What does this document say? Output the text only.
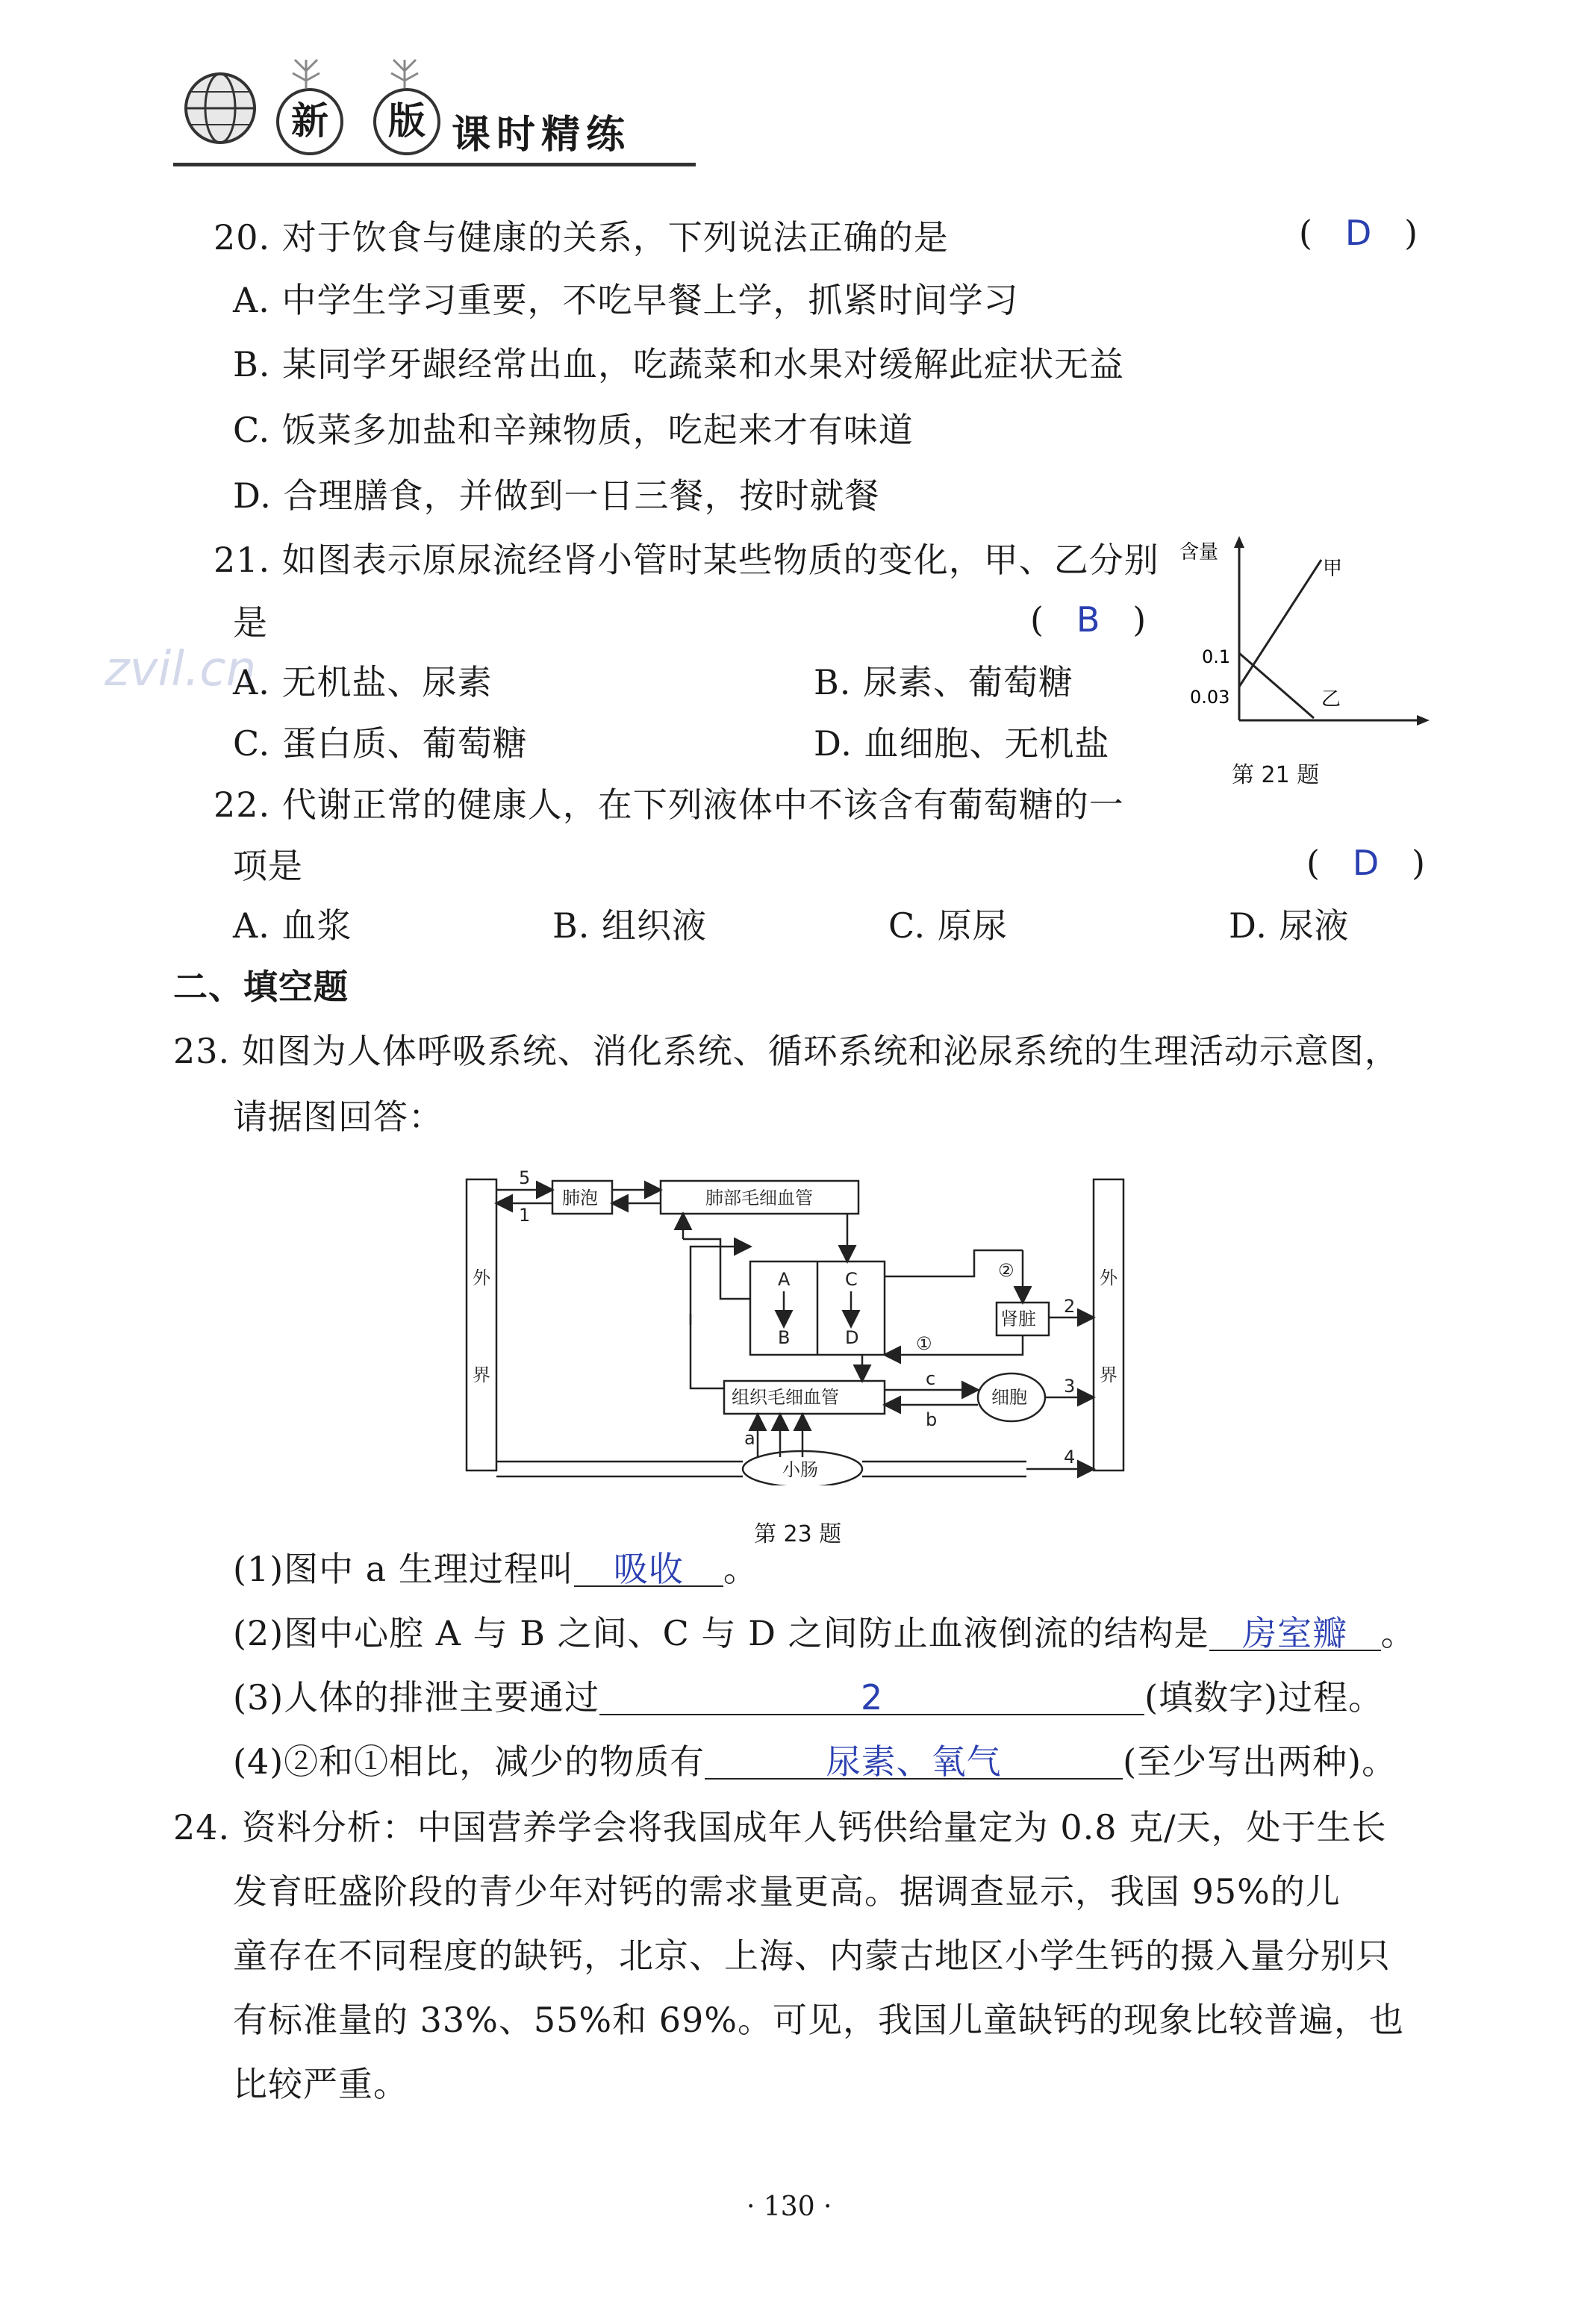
新	版 课时精练
zvil.cn
20. 对于饮食与健康的关系，下列说法正确的是	(   D   )
A. 中学生学习重要，不吃早餐上学，抓紧时间学习
B. 某同学牙龈经常出血，吃蔬菜和水果对缓解此症状无益
C. 饭菜多加盐和辛辣物质，吃起来才有味道
D. 合理膳食，并做到一日三餐，按时就餐
21. 如图表示原尿流经肾小管时某些物质的变化，甲、乙分别
是	(   B   )
A. 无机盐、尿素	B. 尿素、葡萄糖
C. 蛋白质、葡萄糖	D. 血细胞、无机盐
含量
甲
乙
0.1
0.03
第 21 题
22. 代谢正常的健康人，在下列液体中不该含有葡萄糖的一
项是	(   D   )
A. 血浆	B. 组织液	C. 原尿	D. 尿液
二、填空题
23. 如图为人体呼吸系统、消化系统、循环系统和泌尿系统的生理活动示意图，
请据图回答：
外
界
外
界
肺泡	肺部毛细血管
肾脏
组织毛细血管	细胞
小肠
A
B
C
D
5
1
2
3
4
①
②
a
b
c
第 23 题
(1)图中 a 生理过程叫 吸收 。
(2)图中心腔 A 与 B 之间、C 与 D 之间防止血液倒流的结构是 房室瓣 。
(3)人体的排泄主要通过	2	(填数字)过程。
(4)②和①相比，减少的物质有	尿素、氧气	(至少写出两种)。
24. 资料分析：中国营养学会将我国成年人钙供给量定为 0.8 克/天，处于生长
发育旺盛阶段的青少年对钙的需求量更高。据调查显示，我国 95%的儿
童存在不同程度的缺钙，北京、上海、内蒙古地区小学生钙的摄入量分别只
有标准量的 33%、55%和 69%。可见，我国儿童缺钙的现象比较普遍，也
比较严重。
· 130 ·
